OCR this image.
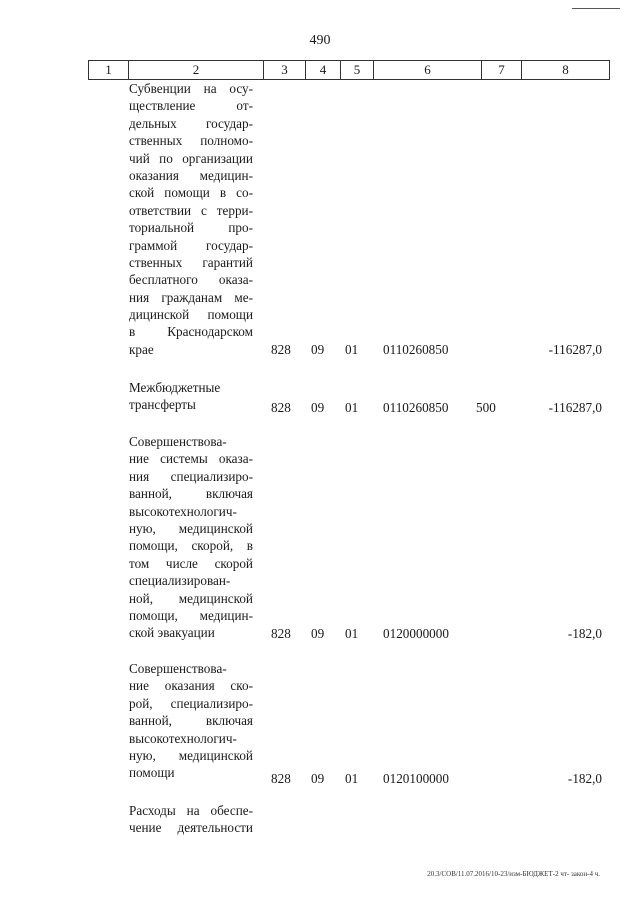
490
1	2	3	4	5	6	7	8
Субвенции на осу-
ществление от-
дельных государ-
ственных полномо-
чий по организации
оказания медицин-
ской помощи в со-
ответствии с терри-
ториальной про-
граммой государ-
ственных гарантий
бесплатного оказа-
ния гражданам ме-
дицинской помощи
в Краснодарском
крае	828 09 01 0110260850	-116287,0
Межбюджетные
трансферты	828 09 01 0110260850 500	-116287,0
Совершенствова-
ние системы оказа-
ния специализиро-
ванной, включая
высокотехнологич-
ную, медицинской
помощи, скорой, в
том числе скорой
специализирован-
ной, медицинской
помощи, медицин-
ской эвакуации	828 09 01 0120000000	-182,0
Совершенствова-
ние оказания ско-
рой, специализиро-
ванной, включая
высокотехнологич-
ную, медицинской
помощи	828 09 01 0120100000	-182,0
Расходы на обеспе-
чение деятельности
20.3/СОВ/11.07.2016/10-23/изм-БЮДЖЕТ-2 чт- закон-4 ч.
